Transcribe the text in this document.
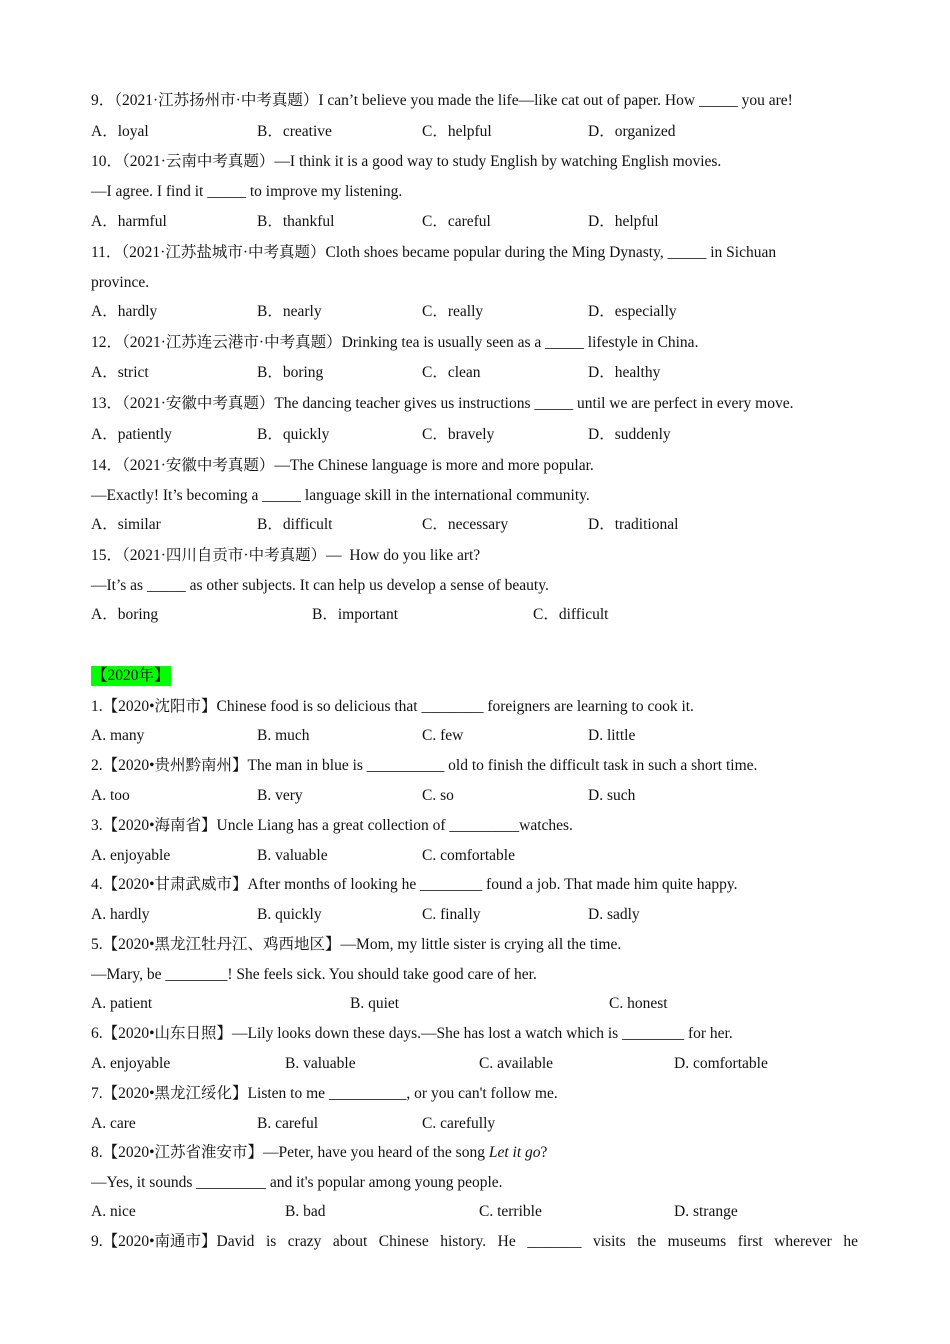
9．（2021·江苏扬州市·中考真题）I can’t believe you made the life—like cat out of paper. How _____ you are!
A．loyal	B．creative	C．helpful	D．organized
10．（2021·云南中考真题）—I think it is a good way to study English by watching English movies.
—I agree. I find it _____ to improve my listening.
A．harmful	B．thankful	C．careful	D．helpful
11．（2021·江苏盐城市·中考真题）Cloth shoes became popular during the Ming Dynasty, _____ in Sichuan
province.
A．hardly	B．nearly	C．really	D．especially
12．（2021·江苏连云港市·中考真题）Drinking tea is usually seen as a _____ lifestyle in China.
A．strict	B．boring	C．clean	D．healthy
13．（2021·安徽中考真题）The dancing teacher gives us instructions _____ until we are perfect in every move.
A．patiently	B．quickly	C．bravely	D．suddenly
14．（2021·安徽中考真题）—The Chinese language is more and more popular.
—Exactly! It’s becoming a _____ language skill in the international community.
A．similar	B．difficult	C．necessary	D．traditional
15．（2021·四川自贡市·中考真题）—  How do you like art?
—It’s as _____ as other subjects. It can help us develop a sense of beauty.
A．boring	B．important	C．difficult
【2020年】
1.【2020•沈阳市】Chinese food is so delicious that ________ foreigners are learning to cook it.
A. many	B. much	C. few	D. little
2.【2020•贵州黔南州】The man in blue is __________ old to finish the difficult task in such a short time.
A. too	B. very	C. so	D. such
3.【2020•海南省】Uncle Liang has a great collection of _________watches.
A. enjoyable	B. valuable	C. comfortable
4.【2020•甘肃武威市】After months of looking he ________ found a job. That made him quite happy.
A. hardly	B. quickly	C. finally	D. sadly
5.【2020•黑龙江牡丹江、鸡西地区】—Mom, my little sister is crying all the time.
—Mary, be ________! She feels sick. You should take good care of her.
A. patient	B. quiet	C. honest
6.【2020•山东日照】—Lily looks down these days.—She has lost a watch which is ________ for her.
A. enjoyable	B. valuable	C. available	D. comfortable
7.【2020•黑龙江绥化】Listen to me __________, or you can't follow me.
A. care	B. careful	C. carefully
8.【2020•江苏省淮安市】—Peter, have you heard of the song Let it go?
—Yes, it sounds _________ and it's popular among young people.
A. nice	B. bad	C. terrible	D. strange
9.【2020•南通市】David is crazy about Chinese history. He _______ visits the museums first wherever he
